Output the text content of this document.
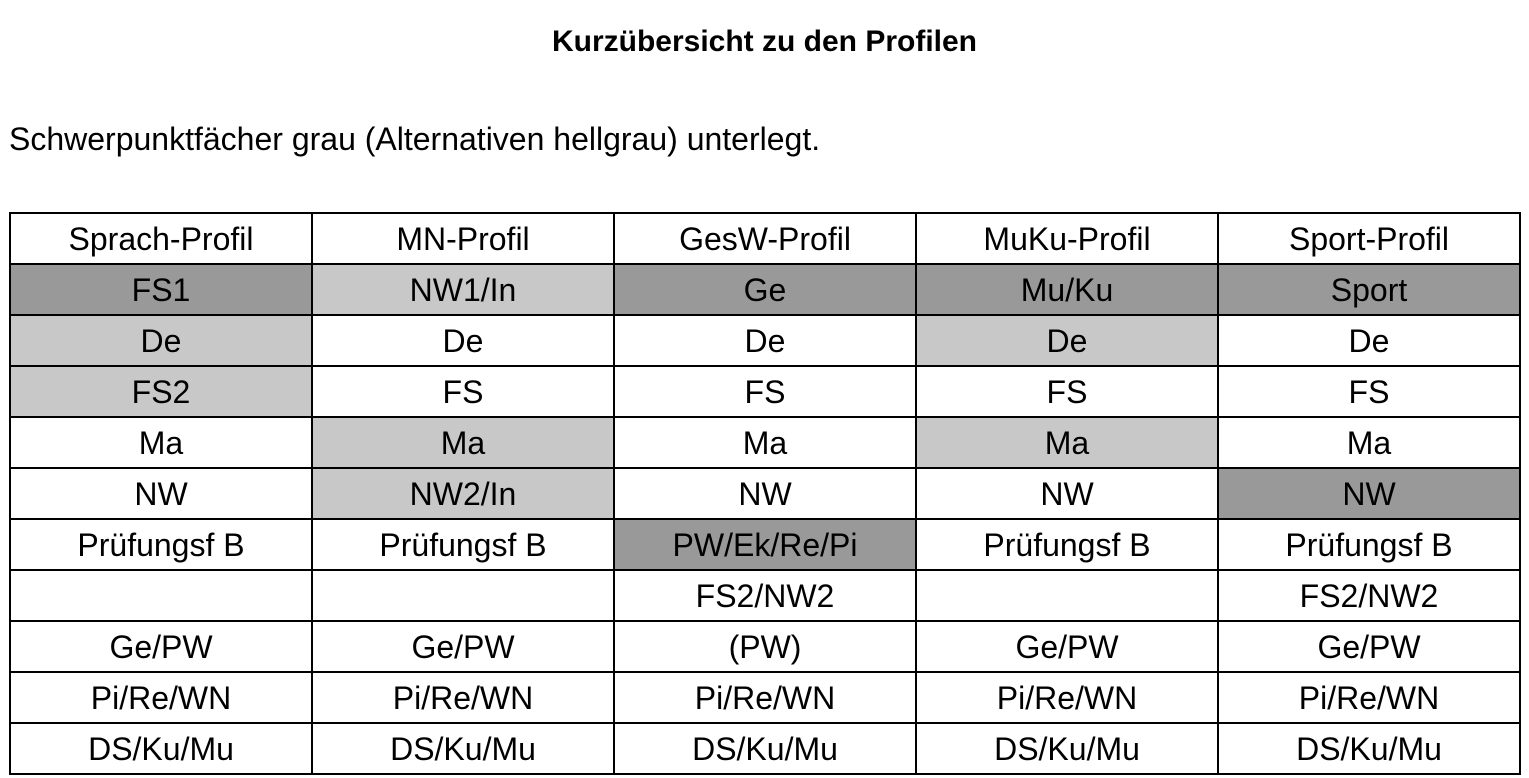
Kurzübersicht zu den Profilen

Schwerpunktfächer grau (Alternativen hellgrau) unterlegt.

Sprach-Profil	MN-Profil	GesW-Profil	MuKu-Profil	Sport-Profil
FS1	NW1/In	Ge	Mu/Ku	Sport
De	De	De	De	De
FS2	FS	FS	FS	FS
Ma	Ma	Ma	Ma	Ma
NW	NW2/In	NW	NW	NW
Prüfungsf B	Prüfungsf B	PW/Ek/Re/Pi	Prüfungsf B	Prüfungsf B
		FS2/NW2		FS2/NW2
Ge/PW	Ge/PW	(PW)	Ge/PW	Ge/PW
Pi/Re/WN	Pi/Re/WN	Pi/Re/WN	Pi/Re/WN	Pi/Re/WN
DS/Ku/Mu	DS/Ku/Mu	DS/Ku/Mu	DS/Ku/Mu	DS/Ku/Mu
